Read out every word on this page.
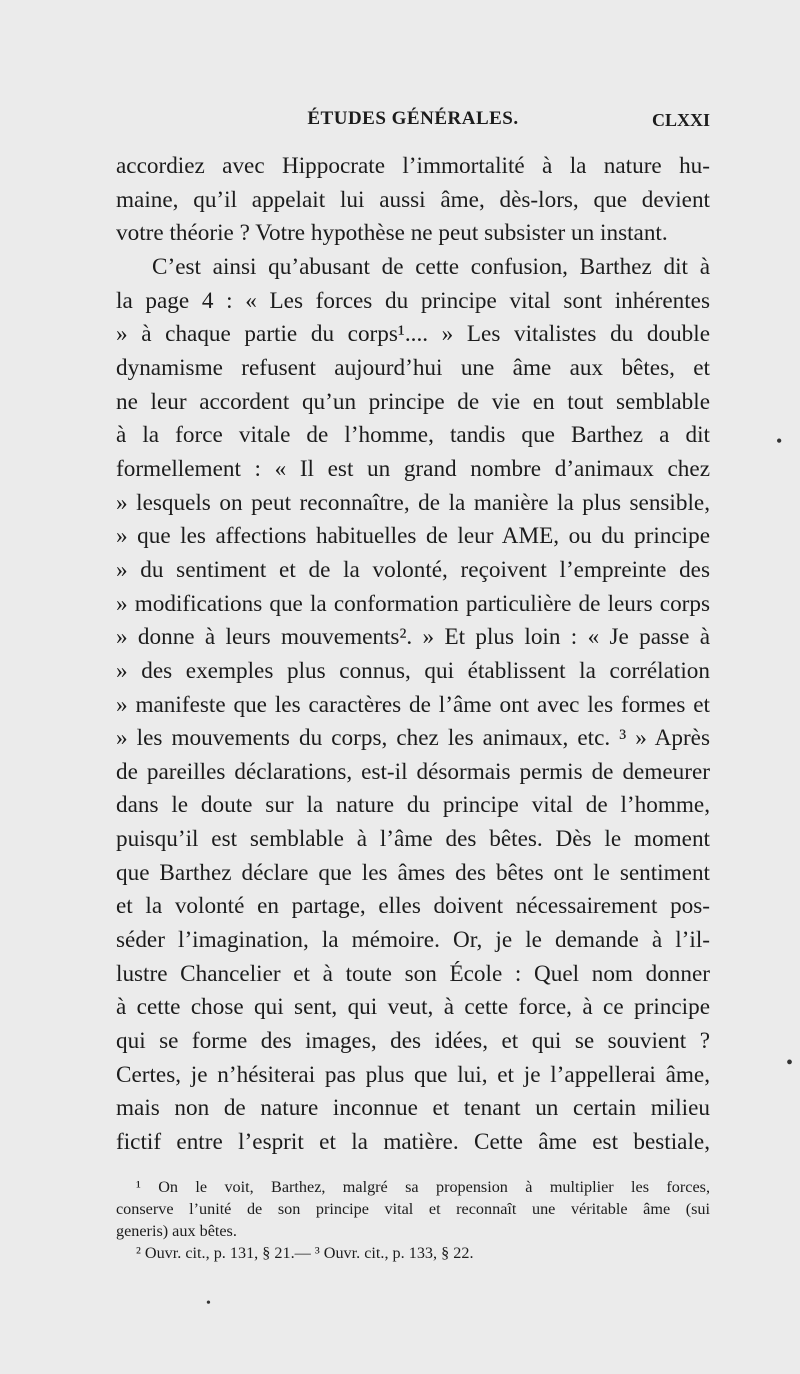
ÉTUDES GÉNÉRALES.	CLXXI
accordiez avec Hippocrate l’immortalité à la nature hu-
maine, qu’il appelait lui aussi âme, dès-lors, que devient
votre théorie ? Votre hypothèse ne peut subsister un instant.
C’est ainsi qu’abusant de cette confusion, Barthez dit à
la page 4 : « Les forces du principe vital sont inhérentes
» à chaque partie du corps¹.... » Les vitalistes du double
dynamisme refusent aujourd’hui une âme aux bêtes, et
ne leur accordent qu’un principe de vie en tout semblable
à la force vitale de l’homme, tandis que Barthez a dit
formellement : « Il est un grand nombre d’animaux chez
» lesquels on peut reconnaître, de la manière la plus sensible,
» que les affections habituelles de leur AME, ou du principe
» du sentiment et de la volonté, reçoivent l’empreinte des
» modifications que la conformation particulière de leurs corps
» donne à leurs mouvements². » Et plus loin : « Je passe à
» des exemples plus connus, qui établissent la corrélation
» manifeste que les caractères de l’âme ont avec les formes et
» les mouvements du corps, chez les animaux, etc. ³ » Après
de pareilles déclarations, est-il désormais permis de demeurer
dans le doute sur la nature du principe vital de l’homme,
puisqu’il est semblable à l’âme des bêtes. Dès le moment
que Barthez déclare que les âmes des bêtes ont le sentiment
et la volonté en partage, elles doivent nécessairement pos-
séder l’imagination, la mémoire. Or, je le demande à l’il-
lustre Chancelier et à toute son École : Quel nom donner
à cette chose qui sent, qui veut, à cette force, à ce principe
qui se forme des images, des idées, et qui se souvient ?
Certes, je n’hésiterai pas plus que lui, et je l’appellerai âme,
mais non de nature inconnue et tenant un certain milieu
fictif entre l’esprit et la matière. Cette âme est bestiale,
¹ On le voit, Barthez, malgré sa propension à multiplier les forces,
conserve l’unité de son principe vital et reconnaît une véritable âme (sui
generis) aux bêtes.
² Ouvr. cit., p. 131, § 21.— ³ Ouvr. cit., p. 133, § 22.
•
•
•
